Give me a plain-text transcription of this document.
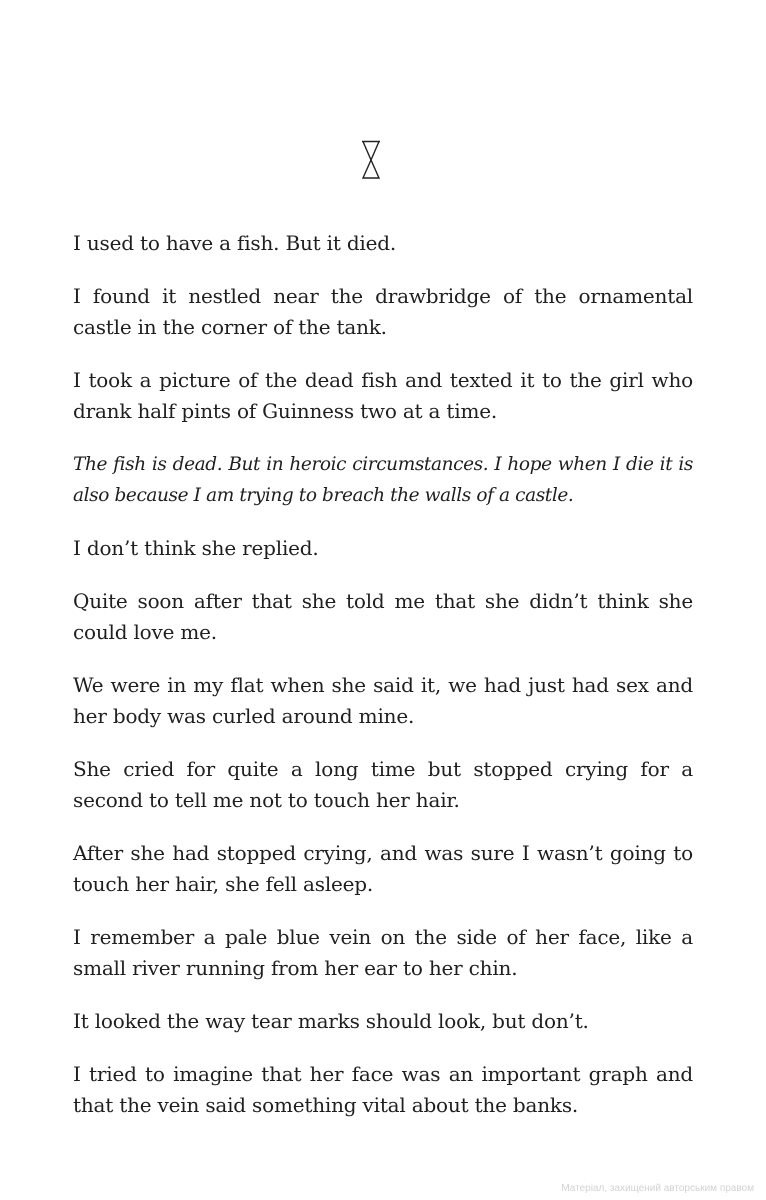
I used to have a fish. But it died.

I found it nestled near the drawbridge of the ornamental castle in the corner of the tank.

I took a picture of the dead fish and texted it to the girl who drank half pints of Guinness two at a time.

The fish is dead. But in heroic circumstances. I hope when I die it is also because I am trying to breach the walls of a castle.

I don’t think she replied.

Quite soon after that she told me that she didn’t think she could love me.

We were in my flat when she said it, we had just had sex and her body was curled around mine.

She cried for quite a long time but stopped crying for a second to tell me not to touch her hair.

After she had stopped crying, and was sure I wasn’t going to touch her hair, she fell asleep.

I remember a pale blue vein on the side of her face, like a small river running from her ear to her chin.

It looked the way tear marks should look, but don’t.

I tried to imagine that her face was an important graph and that the vein said something vital about the banks.

Матеріал, захищений авторським правом
